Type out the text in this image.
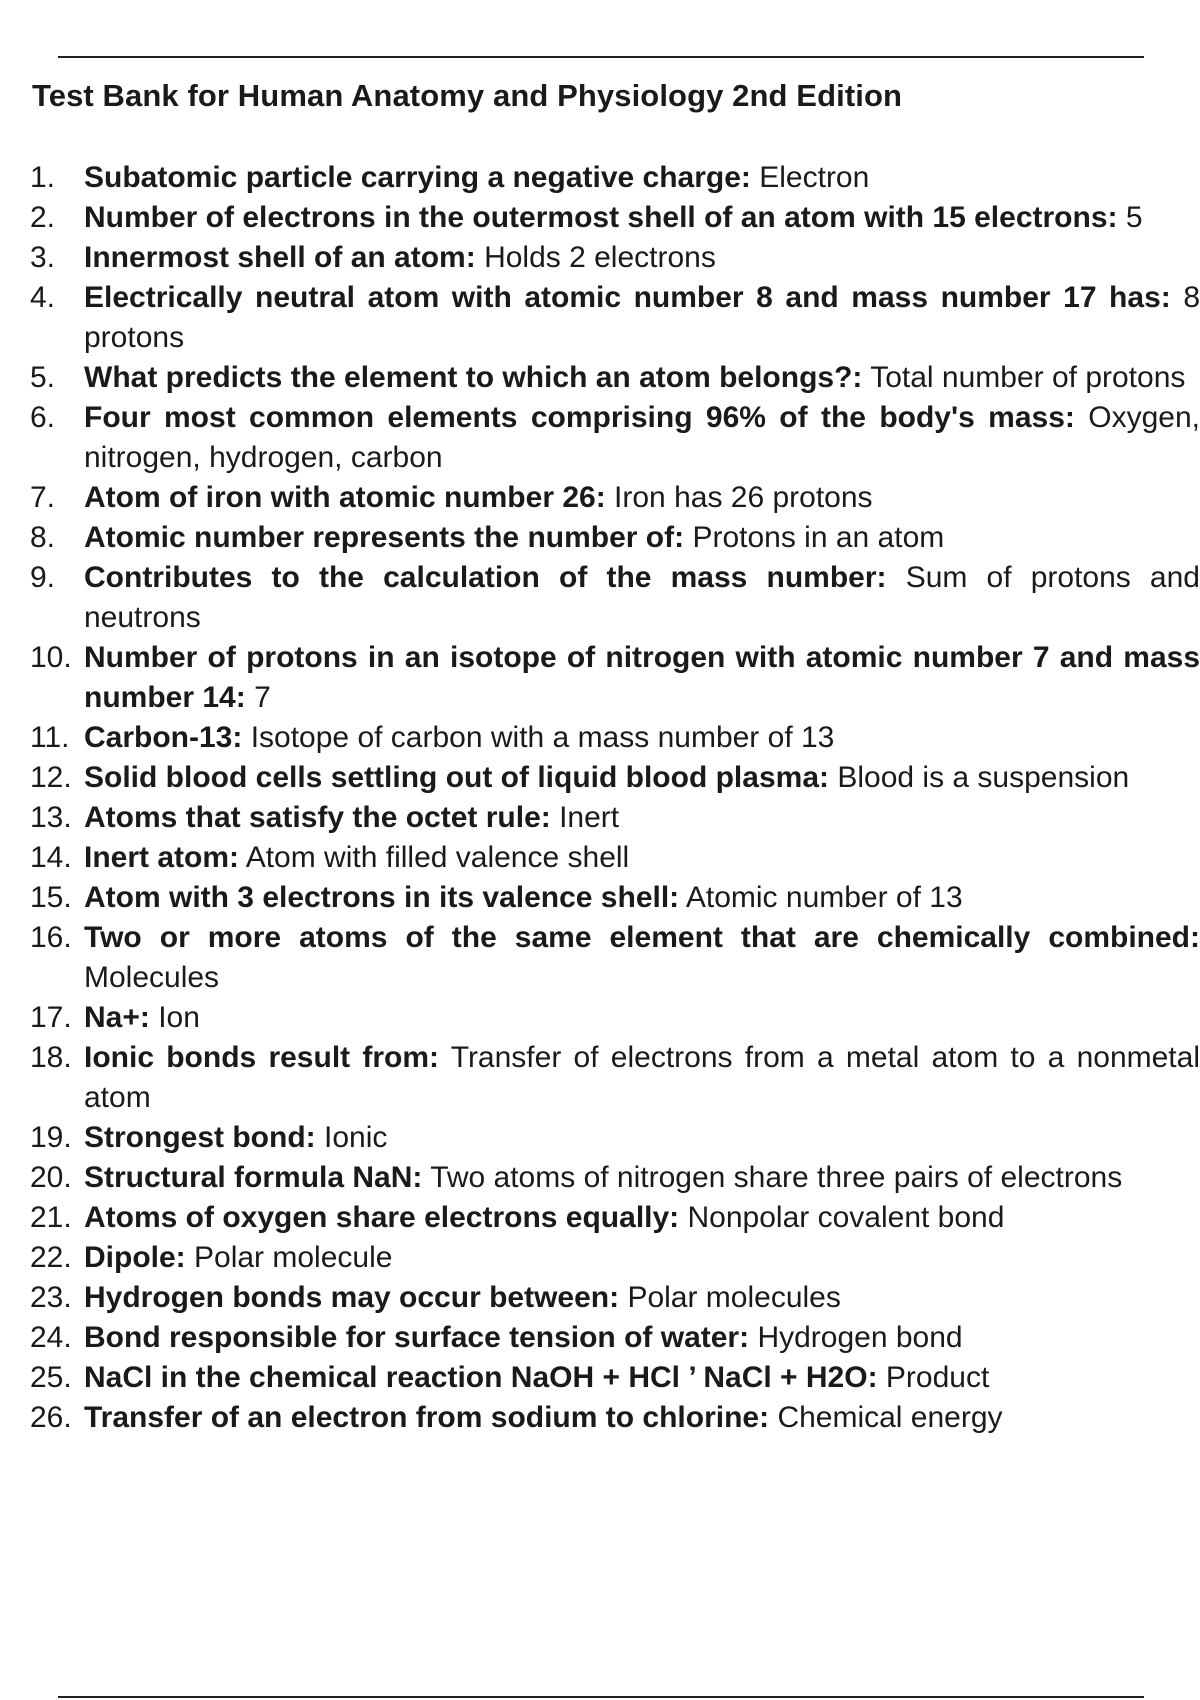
Test Bank for Human Anatomy and Physiology 2nd Edition
1. Subatomic particle carrying a negative charge: Electron
2. Number of electrons in the outermost shell of an atom with 15 electrons: 5
3. Innermost shell of an atom: Holds 2 electrons
4. Electrically neutral atom with atomic number 8 and mass number 17 has: 8 protons
5. What predicts the element to which an atom belongs?: Total number of protons
6. Four most common elements comprising 96% of the body's mass: Oxygen, nitrogen, hydrogen, carbon
7. Atom of iron with atomic number 26: Iron has 26 protons
8. Atomic number represents the number of: Protons in an atom
9. Contributes to the calculation of the mass number: Sum of protons and neutrons
10. Number of protons in an isotope of nitrogen with atomic number 7 and mass number 14: 7
11. Carbon-13: Isotope of carbon with a mass number of 13
12. Solid blood cells settling out of liquid blood plasma: Blood is a suspension
13. Atoms that satisfy the octet rule: Inert
14. Inert atom: Atom with filled valence shell
15. Atom with 3 electrons in its valence shell: Atomic number of 13
16. Two or more atoms of the same element that are chemically combined: Molecules
17. Na+: Ion
18. Ionic bonds result from: Transfer of electrons from a metal atom to a nonmetal atom
19. Strongest bond: Ionic
20. Structural formula NaN: Two atoms of nitrogen share three pairs of electrons
21. Atoms of oxygen share electrons equally: Nonpolar covalent bond
22. Dipole: Polar molecule
23. Hydrogen bonds may occur between: Polar molecules
24. Bond responsible for surface tension of water: Hydrogen bond
25. NaCl in the chemical reaction NaOH + HCl ’ NaCl + H2O: Product
26. Transfer of an electron from sodium to chlorine: Chemical energy
